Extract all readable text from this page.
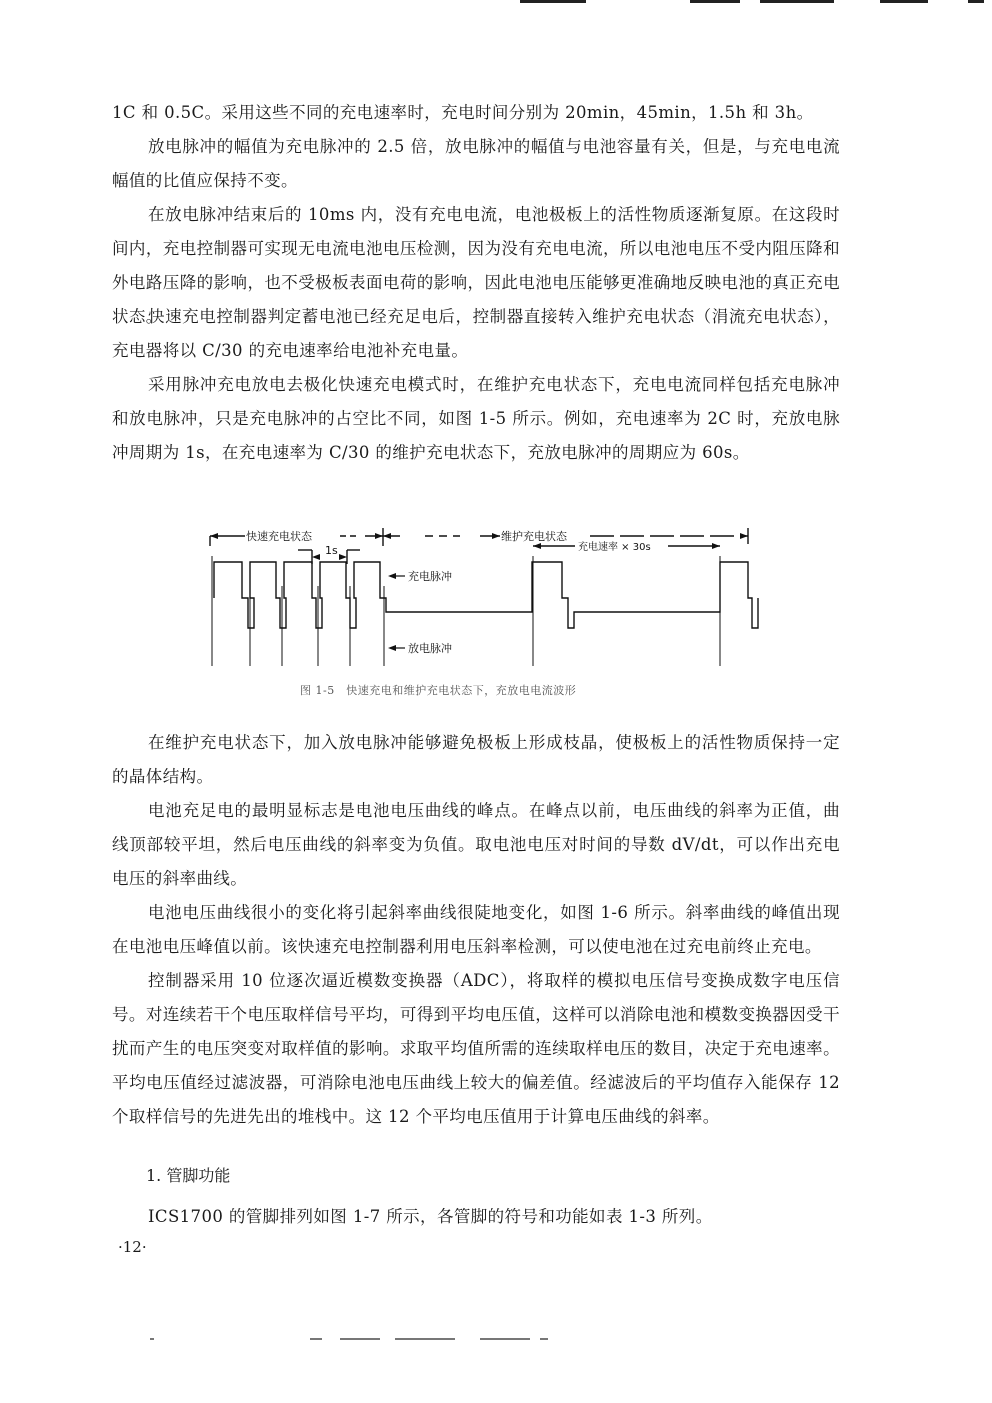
1C 和 0.5C。采用这些不同的充电速率时，充电时间分别为 20min，45min，1.5h 和 3h。

放电脉冲的幅值为充电脉冲的 2.5 倍，放电脉冲的幅值与电池容量有关，但是，与充电电流幅值的比值应保持不变。

在放电脉冲结束后的 10ms 内，没有充电电流，电池极板上的活性物质逐渐复原。在这段时间内，充电控制器可实现无电流电池电压检测，因为没有充电电流，所以电池电压不受内阻压降和外电路压降的影响，也不受极板表面电荷的影响，因此电池电压能够更准确地反映电池的真正充电状态。

快速充电控制器判定蓄电池已经充足电后，控制器直接转入维护充电状态（涓流充电状态），充电器将以 C/30 的充电速率给电池补充电量。

采用脉冲充电放电去极化快速充电模式时，在维护充电状态下，充电电流同样包括充电脉冲和放电脉冲，只是充电脉冲的占空比不同，如图 1-5 所示。例如，充电速率为 2C 时，充放电脉冲周期为 1s，在充电速率为 C/30 的维护充电状态下，充放电脉冲的周期应为 60s。

快速充电状态
1s
维护充电状态
充电速率 × 30s
充电脉冲
放电脉冲

图 1-5　快速充电和维护充电状态下，充放电电流波形

在维护充电状态下，加入放电脉冲能够避免极板上形成枝晶，使极板上的活性物质保持一定的晶体结构。

电池充足电的最明显标志是电池电压曲线的峰点。在峰点以前，电压曲线的斜率为正值，曲线顶部较平坦，然后电压曲线的斜率变为负值。取电池电压对时间的导数 dV/dt，可以作出充电电压的斜率曲线。

电池电压曲线很小的变化将引起斜率曲线很陡地变化，如图 1-6 所示。斜率曲线的峰值出现在电池电压峰值以前。该快速充电控制器利用电压斜率检测，可以使电池在过充电前终止充电。

控制器采用 10 位逐次逼近模数变换器（ADC），将取样的模拟电压信号变换成数字电压信号。对连续若干个电压取样信号平均，可得到平均电压值，这样可以消除电池和模数变换器因受干扰而产生的电压突变对取样值的影响。求取平均值所需的连续取样电压的数目，决定于充电速率。平均电压值经过滤波器，可消除电池电压曲线上较大的偏差值。经滤波后的平均值存入能保存 12 个取样信号的先进先出的堆栈中。这 12 个平均电压值用于计算电压曲线的斜率。

1. 管脚功能

ICS1700 的管脚排列如图 1-7 所示，各管脚的符号和功能如表 1-3 所列。

·12·
